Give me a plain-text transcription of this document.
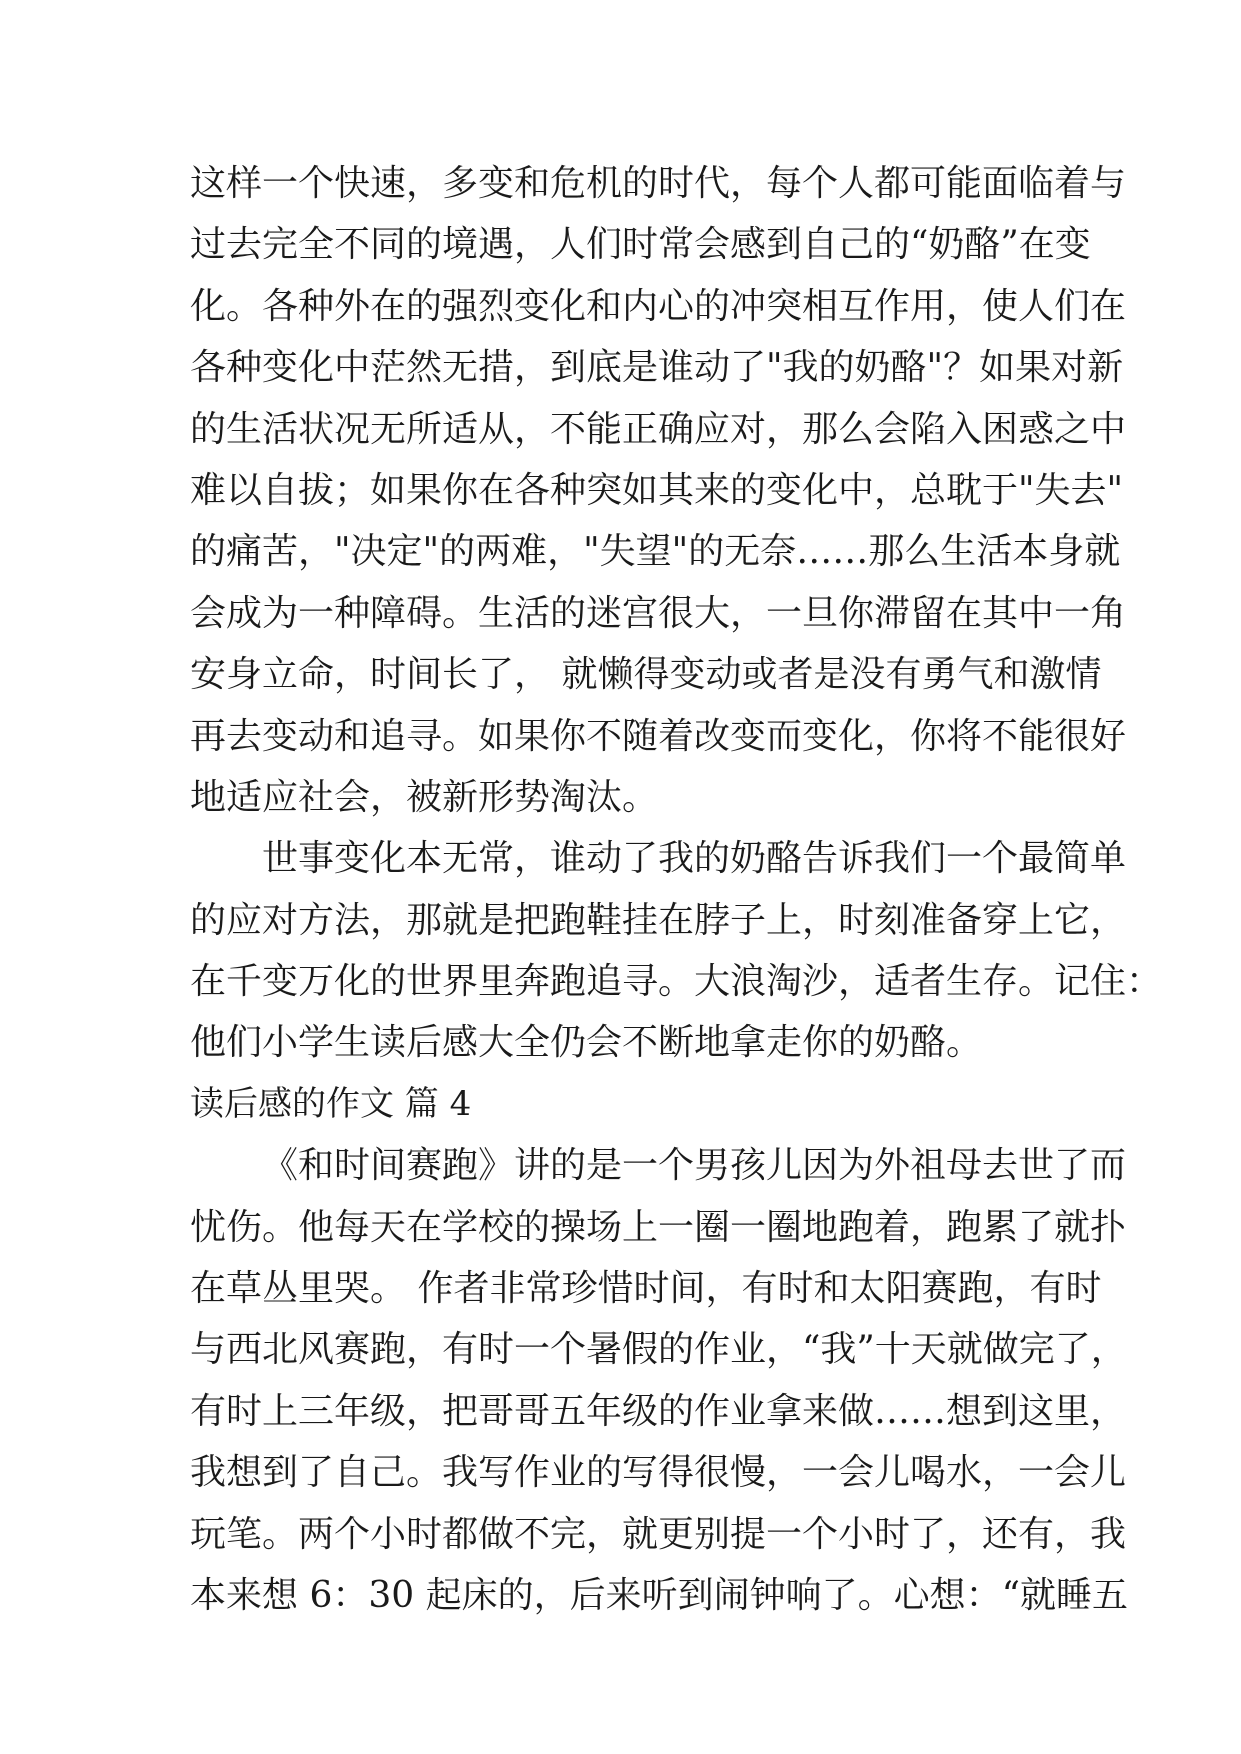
这样一个快速，多变和危机的时代，每个人都可能面临着与
过去完全不同的境遇，人们时常会感到自己的“奶酪”在变
化。各种外在的强烈变化和内心的冲突相互作用，使人们在
各种变化中茫然无措，到底是谁动了"我的奶酪"？如果对新
的生活状况无所适从，不能正确应对，那么会陷入困惑之中
难以自拔；如果你在各种突如其来的变化中，总耽于"失去"
的痛苦，"决定"的两难，"失望"的无奈……那么生活本身就
会成为一种障碍。生活的迷宫很大，一旦你滞留在其中一角
安身立命，时间长了， 就懒得变动或者是没有勇气和激情
再去变动和追寻。如果你不随着改变而变化，你将不能很好
地适应社会，被新形势淘汰。
世事变化本无常，谁动了我的奶酪告诉我们一个最简单
的应对方法，那就是把跑鞋挂在脖子上，时刻准备穿上它，
在千变万化的世界里奔跑追寻。大浪淘沙，适者生存。记住：
他们小学生读后感大全仍会不断地拿走你的奶酪。
读后感的作文 篇 4
《和时间赛跑》讲的是一个男孩儿因为外祖母去世了而
忧伤。他每天在学校的操场上一圈一圈地跑着，跑累了就扑
在草丛里哭。 作者非常珍惜时间，有时和太阳赛跑，有时
与西北风赛跑，有时一个暑假的作业，“我”十天就做完了，
有时上三年级，把哥哥五年级的作业拿来做……想到这里，
我想到了自己。我写作业的写得很慢，一会儿喝水，一会儿
玩笔。两个小时都做不完，就更别提一个小时了，还有，我
本来想 6：30 起床的，后来听到闹钟响了。心想：“就睡五
